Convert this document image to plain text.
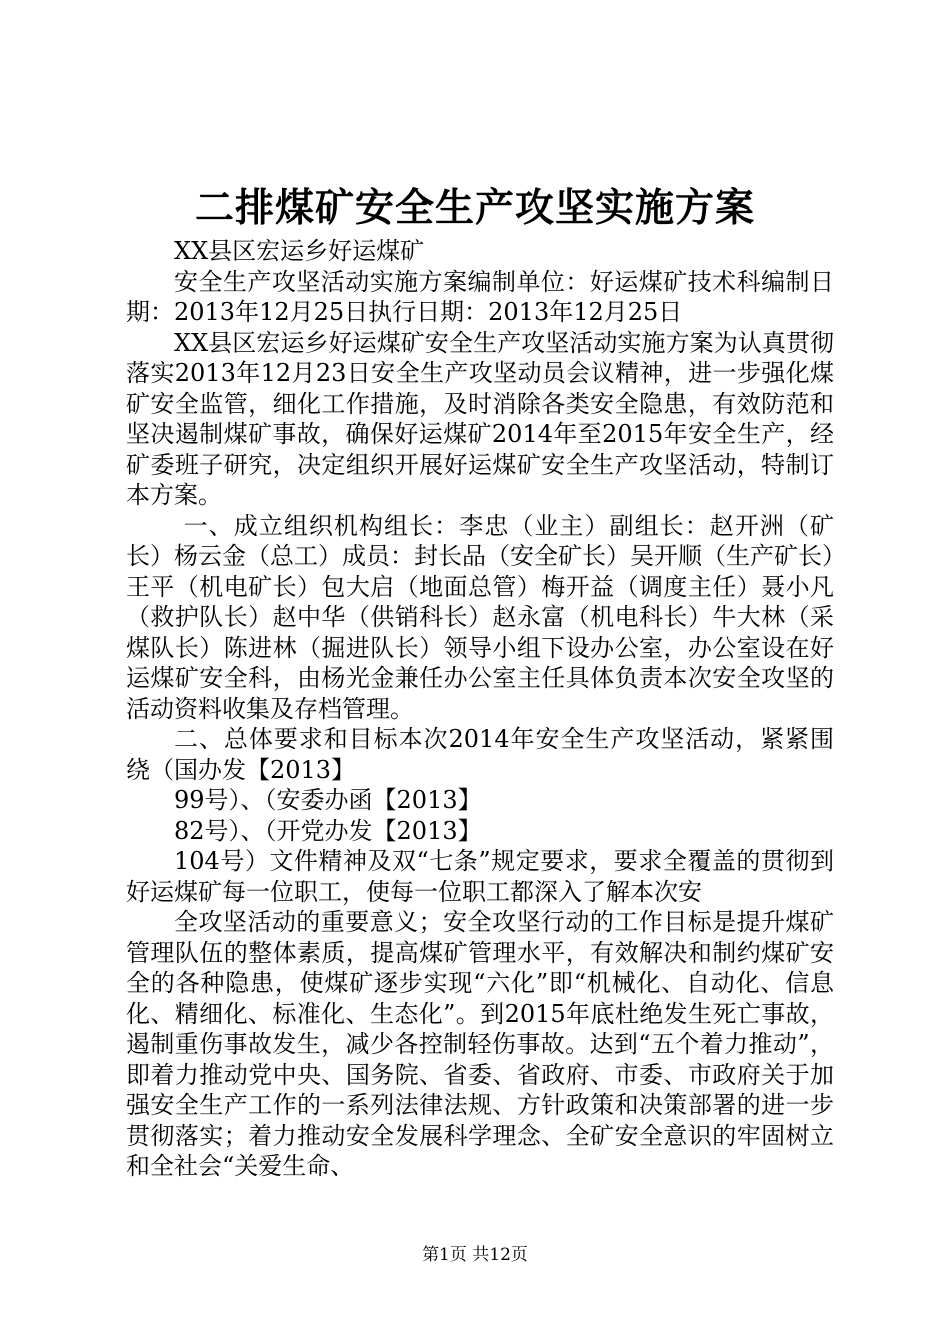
二排煤矿安全生产攻坚实施方案

XX县区宏运乡好运煤矿

安全生产攻坚活动实施方案编制单位：好运煤矿技术科编制日期：2013年12月25日执行日期：2013年12月25日

XX县区宏运乡好运煤矿安全生产攻坚活动实施方案为认真贯彻落实2013年12月23日安全生产攻坚动员会议精神，进一步强化煤矿安全监管，细化工作措施，及时消除各类安全隐患，有效防范和坚决遏制煤矿事故，确保好运煤矿2014年至2015年安全生产，经矿委班子研究，决定组织开展好运煤矿安全生产攻坚活动，特制订本方案。

一、成立组织机构组长：李忠（业主）副组长：赵开洲（矿长）杨云金（总工）成员：封长品（安全矿长）吴开顺（生产矿长）王平（机电矿长）包大启（地面总管）梅开益（调度主任）聂小凡（救护队长）赵中华（供销科长）赵永富（机电科长）牛大林（采煤队长）陈进林（掘进队长）领导小组下设办公室，办公室设在好运煤矿安全科，由杨光金兼任办公室主任具体负责本次安全攻坚的活动资料收集及存档管理。

二、总体要求和目标本次2014年安全生产攻坚活动，紧紧围绕（国办发【2013】

99号）、（安委办函【2013】

82号）、（开党办发【2013】

104号）文件精神及双“七条”规定要求，要求全覆盖的贯彻到好运煤矿每一位职工，使每一位职工都深入了解本次安

全攻坚活动的重要意义；安全攻坚行动的工作目标是提升煤矿管理队伍的整体素质，提高煤矿管理水平，有效解决和制约煤矿安全的各种隐患，使煤矿逐步实现“六化”即“机械化、自动化、信息化、精细化、标准化、生态化”。到2015年底杜绝发生死亡事故，遏制重伤事故发生，减少各控制轻伤事故。达到“五个着力推动”，即着力推动党中央、国务院、省委、省政府、市委、市政府关于加强安全生产工作的一系列法律法规、方针政策和决策部署的进一步贯彻落实；着力推动安全发展科学理念、全矿安全意识的牢固树立和全社会“关爱生命、

第1页 共12页
